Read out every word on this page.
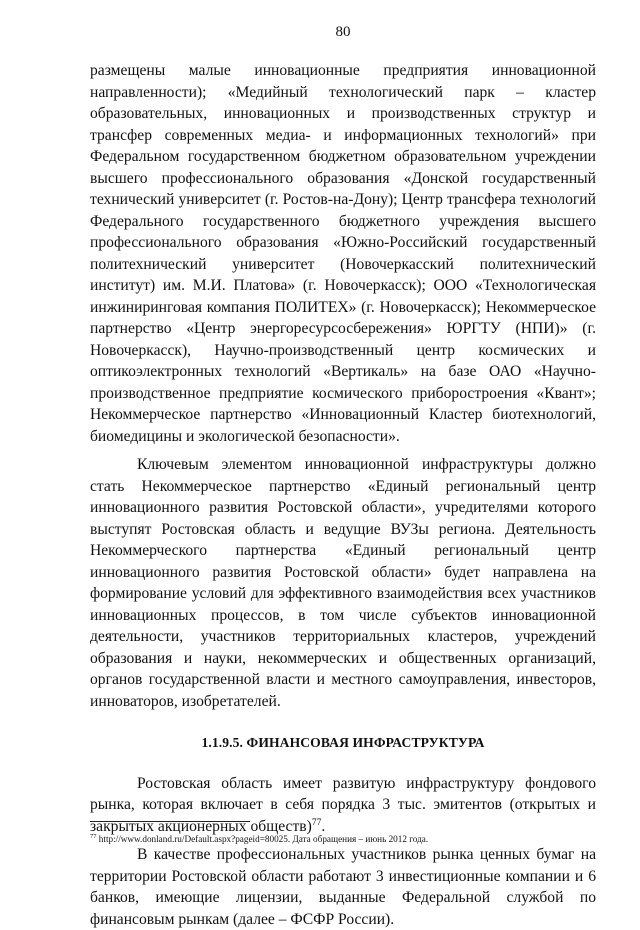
80

размещены малые инновационные предприятия инновационной направленности); «Медийный технологический парк – кластер образовательных, инновационных и производственных структур и трансфер современных медиа- и информационных технологий» при Федеральном государственном бюджетном образовательном учреждении высшего профессионального образования «Донской государственный технический университет (г. Ростов-на-Дону); Центр трансфера технологий Федерального государственного бюджетного учреждения высшего профессионального образования «Южно-Российский государственный политехнический университет (Новочеркасский политехнический институт) им. М.И. Платова» (г. Новочеркасск); ООО «Технологическая инжиниринговая компания ПОЛИТЕХ» (г. Новочеркасск); Некоммерческое партнерство «Центр энергоресурсосбережения» ЮРГТУ (НПИ)» (г. Новочеркасск), Научно-производственный центр космических и оптикоэлектронных технологий «Вертикаль» на базе ОАО «Научно-производственное предприятие космического приборостроения «Квант»; Некоммерческое партнерство «Инновационный Кластер биотехнологий, биомедицины и экологической безопасности».

Ключевым элементом инновационной инфраструктуры должно стать Некоммерческое партнерство «Единый региональный центр инновационного развития Ростовской области», учредителями которого выступят Ростовская область и ведущие ВУЗы региона. Деятельность Некоммерческого партнерства «Единый региональный центр инновационного развития Ростовской области» будет направлена на формирование условий для эффективного взаимодействия всех участников инновационных процессов, в том числе субъектов инновационной деятельности, участников территориальных кластеров, учреждений образования и науки, некоммерческих и общественных организаций, органов государственной власти и местного самоуправления, инвесторов, инноваторов, изобретателей.

1.1.9.5. ФИНАНСОВАЯ ИНФРАСТРУКТУРА

Ростовская область имеет развитую инфраструктуру фондового рынка, которая включает в себя порядка 3 тыс. эмитентов (открытых и закрытых акционерных обществ)$^{77}$.

В качестве профессиональных участников рынка ценных бумаг на территории Ростовской области работают 3 инвестиционные компании и 6 банков, имеющие лицензии, выданные Федеральной службой по финансовым рынкам (далее – ФСФР России).

$^{77}$ http://www.donland.ru/Default.aspx?pageid=80025. Дата обращения – июнь 2012 года.
